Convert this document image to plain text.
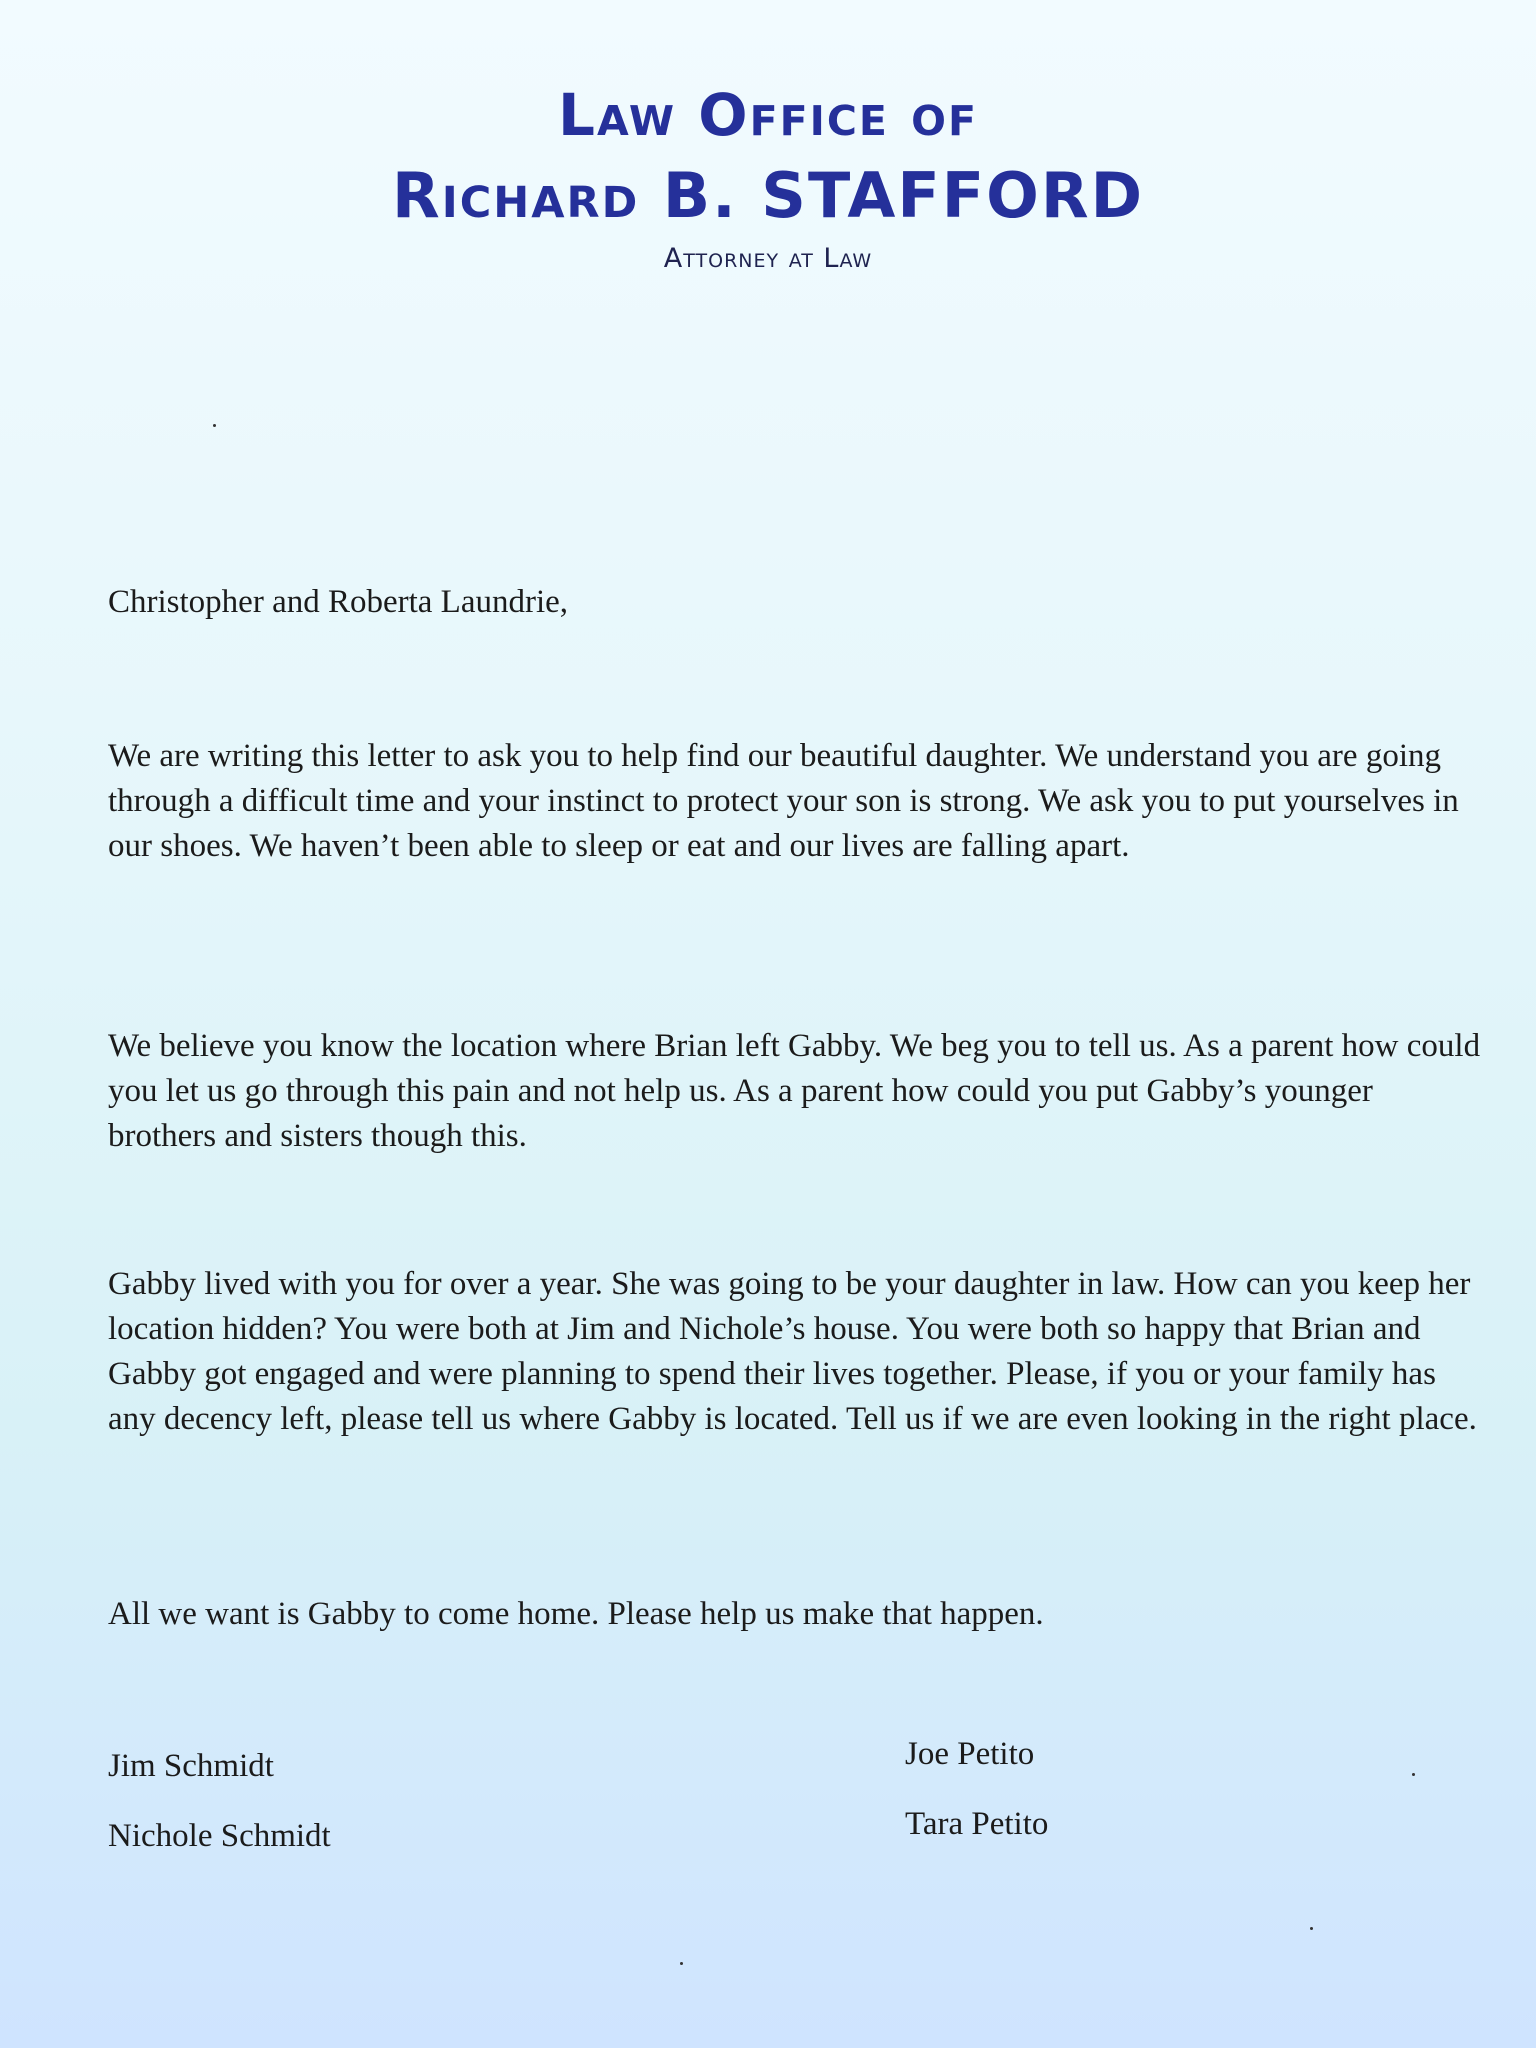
Law Office of
Richard B. STAFFORD
Attorney at Law

Christopher and Roberta Laundrie,

We are writing this letter to ask you to help find our beautiful daughter. We understand you are going through a difficult time and your instinct to protect your son is strong. We ask you to put yourselves in our shoes. We haven’t been able to sleep or eat and our lives are falling apart.

We believe you know the location where Brian left Gabby. We beg you to tell us. As a parent how could you let us go through this pain and not help us. As a parent how could you put Gabby’s younger brothers and sisters though this.

Gabby lived with you for over a year. She was going to be your daughter in law. How can you keep her location hidden? You were both at Jim and Nichole’s house. You were both so happy that Brian and Gabby got engaged and were planning to spend their lives together. Please, if you or your family has any decency left, please tell us where Gabby is located. Tell us if we are even looking in the right place.

All we want is Gabby to come home. Please help us make that happen.

Jim Schmidt

Nichole Schmidt

Joe Petito

Tara Petito
